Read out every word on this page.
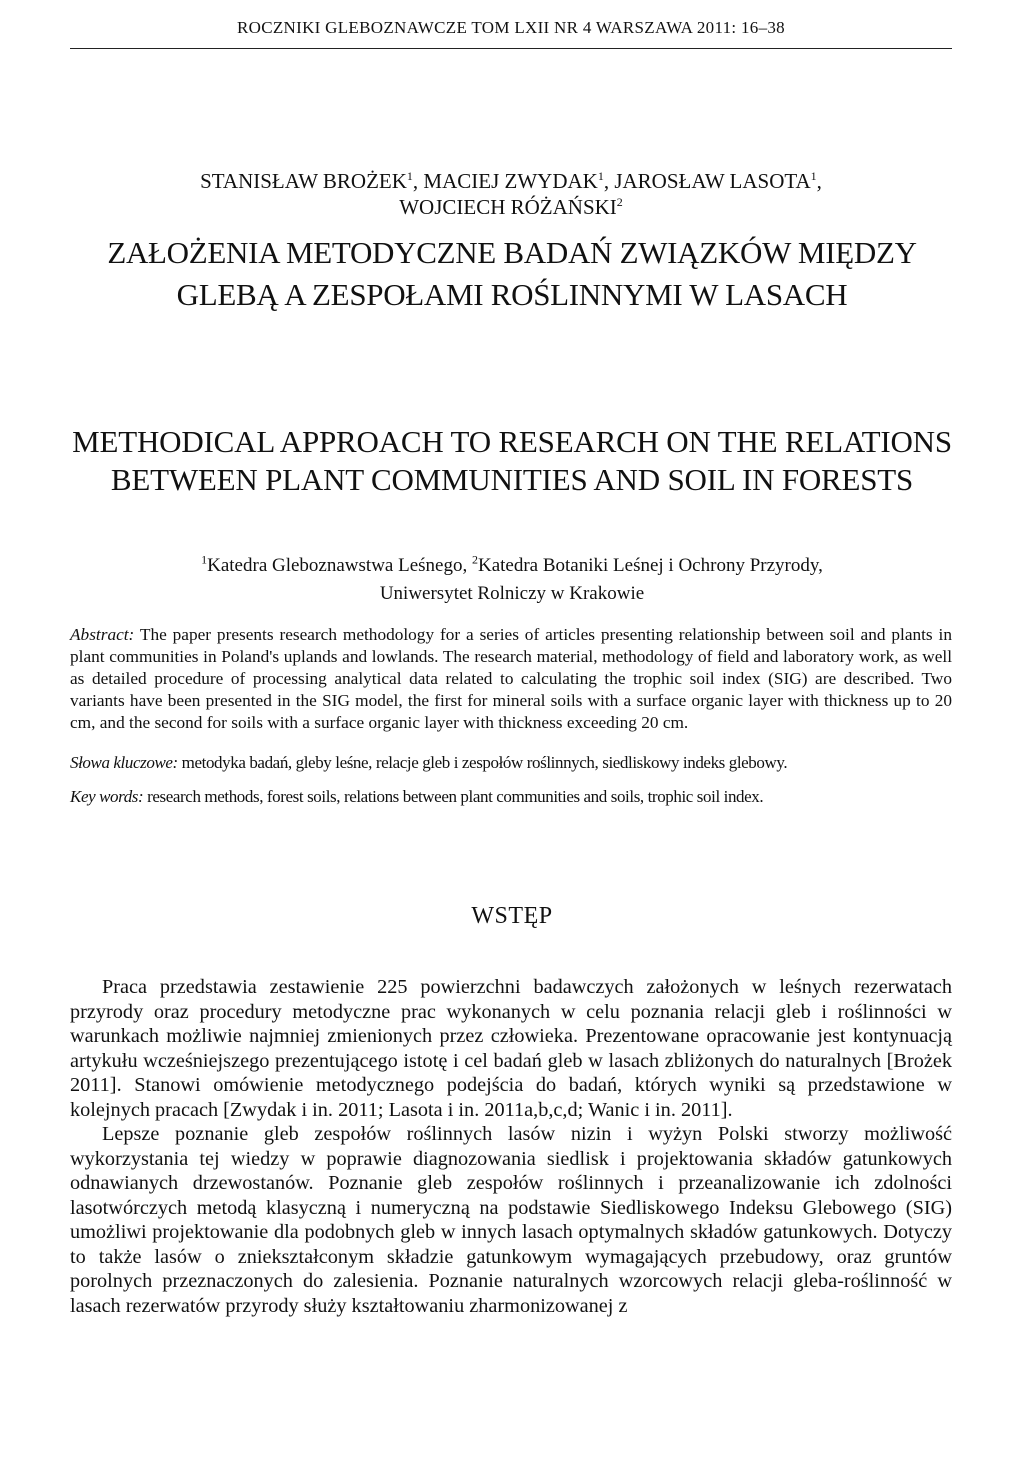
ROCZNIKI GLEBOZNAWCZE TOM LXII NR 4 WARSZAWA 2011: 16–38
STANISŁAW BROŻEK$^1$, MACIEJ ZWYDAK$^1$, JAROSŁAW LASOTA$^1$,
WOJCIECH RÓŻAŃSKI$^2$
ZAŁOŻENIA METODYCZNE BADAŃ ZWIĄZKÓW MIĘDZY GLEBĄ A ZESPOŁAMI ROŚLINNYMI W LASACH
METHODICAL APPROACH TO RESEARCH ON THE RELATIONS BETWEEN PLANT COMMUNITIES AND SOIL IN FORESTS
$^1$Katedra Gleboznawstwa Leśnego, $^2$Katedra Botaniki Leśnej i Ochrony Przyrody,
Uniwersytet Rolniczy w Krakowie
Abstract: The paper presents research methodology for a series of articles presenting relationship between soil and plants in plant communities in Poland's uplands and lowlands. The research material, methodology of field and laboratory work, as well as detailed procedure of processing analytical data related to calculating the trophic soil index (SIG) are described. Two variants have been presented in the SIG model, the first for mineral soils with a surface organic layer with thickness up to 20 cm, and the second for soils with a surface organic layer with thickness exceeding 20 cm.
Słowa kluczowe: metodyka badań, gleby leśne, relacje gleb i zespołów roślinnych, siedliskowy indeks glebowy.
Key words: research methods, forest soils, relations between plant communities and soils, trophic soil index.
WSTĘP

Praca przedstawia zestawienie 225 powierzchni badawczych założonych w leśnych rezerwatach przyrody oraz procedury metodyczne prac wykonanych w celu poznania relacji gleb i roślinności w warunkach możliwie najmniej zmienionych przez człowieka. Prezentowane opracowanie jest kontynuacją artykułu wcześniejszego prezentującego istotę i cel badań gleb w lasach zbliżonych do naturalnych [Brożek 2011]. Stanowi omówienie metodycznego podejścia do badań, których wyniki są przedstawione w kolejnych pracach [Zwydak i in. 2011; Lasota i in. 2011a,b,c,d; Wanic i in. 2011].

Lepsze poznanie gleb zespołów roślinnych lasów nizin i wyżyn Polski stworzy możliwość wykorzystania tej wiedzy w poprawie diagnozowania siedlisk i projektowania składów gatunkowych odnawianych drzewostanów. Poznanie gleb zespołów roślinnych i przeanalizowanie ich zdolności lasotwórczych metodą klasyczną i numeryczną na podstawie Siedliskowego Indeksu Glebowego (SIG) umożliwi projektowanie dla podobnych gleb w innych lasach optymalnych składów gatunkowych. Dotyczy to także lasów o zniekształconym składzie gatunkowym wymagających przebudowy, oraz gruntów porolnych przeznaczonych do zalesienia. Poznanie naturalnych wzorcowych relacji gleba-roślinność w lasach rezerwatów przyrody służy kształtowaniu zharmonizowanej z
